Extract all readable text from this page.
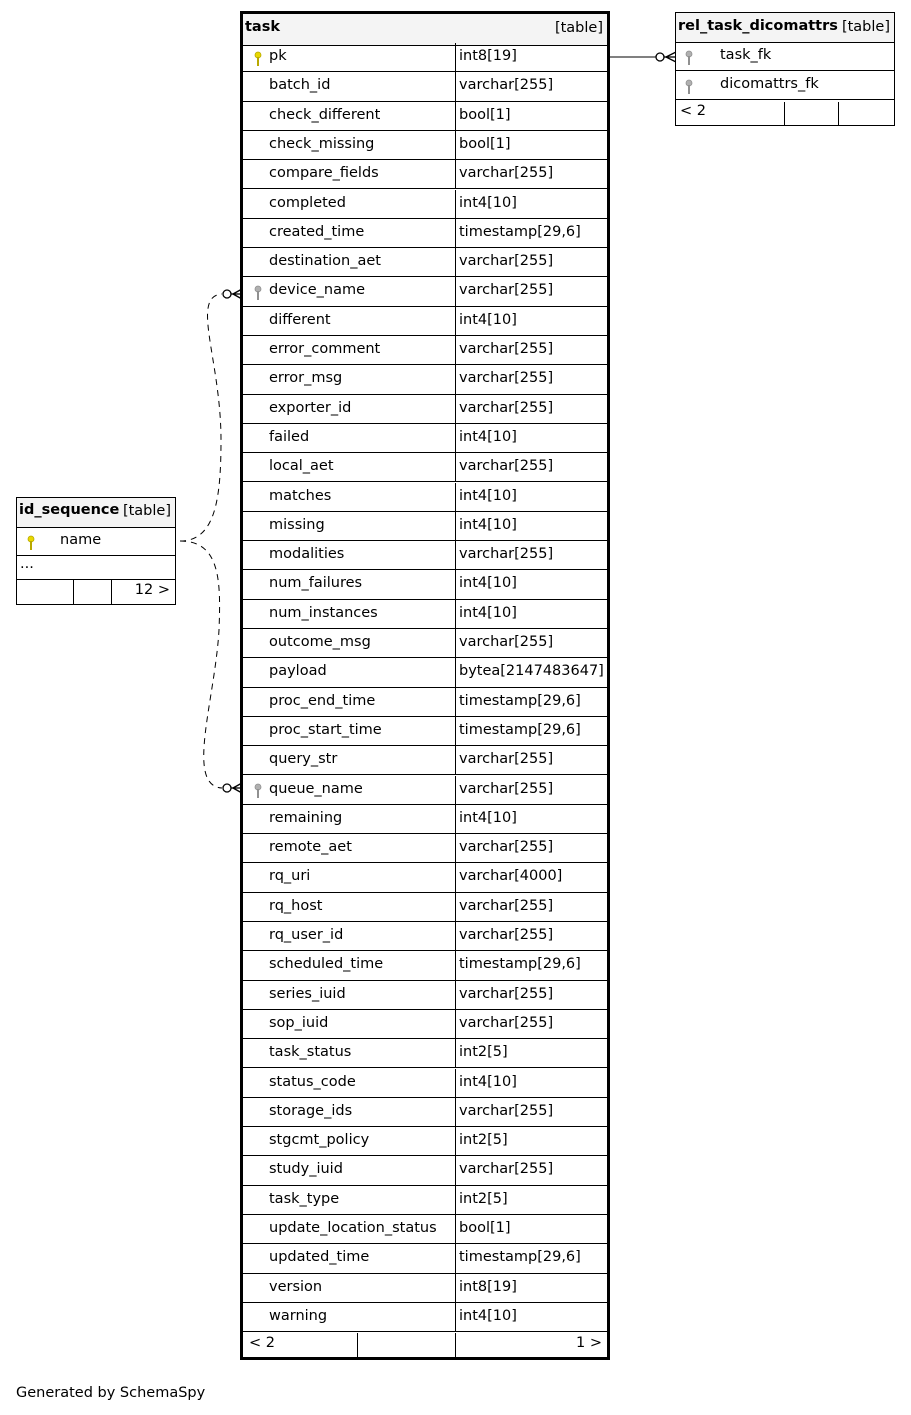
task	[table]
pk	int8[19]
batch_id	varchar[255]
check_different	bool[1]
check_missing	bool[1]
compare_fields	varchar[255]
completed	int4[10]
created_time	timestamp[29,6]
destination_aet	varchar[255]
device_name	varchar[255]
different	int4[10]
error_comment	varchar[255]
error_msg	varchar[255]
exporter_id	varchar[255]
failed	int4[10]
local_aet	varchar[255]
matches	int4[10]
missing	int4[10]
modalities	varchar[255]
num_failures	int4[10]
num_instances	int4[10]
outcome_msg	varchar[255]
payload	bytea[2147483647]
proc_end_time	timestamp[29,6]
proc_start_time	timestamp[29,6]
query_str	varchar[255]
queue_name	varchar[255]
remaining	int4[10]
remote_aet	varchar[255]
rq_uri	varchar[4000]
rq_host	varchar[255]
rq_user_id	varchar[255]
scheduled_time	timestamp[29,6]
series_iuid	varchar[255]
sop_iuid	varchar[255]
task_status	int2[5]
status_code	int4[10]
storage_ids	varchar[255]
stgcmt_policy	int2[5]
study_iuid	varchar[255]
task_type	int2[5]
update_location_status bool[1]
updated_time	timestamp[29,6]
version	int8[19]
warning	int4[10]
< 2	1 >
rel_task_dicomattrs [table]
task_fk
dicomattrs_fk
< 2
id_sequence [table]
name
...
12 >
Generated by SchemaSpy
